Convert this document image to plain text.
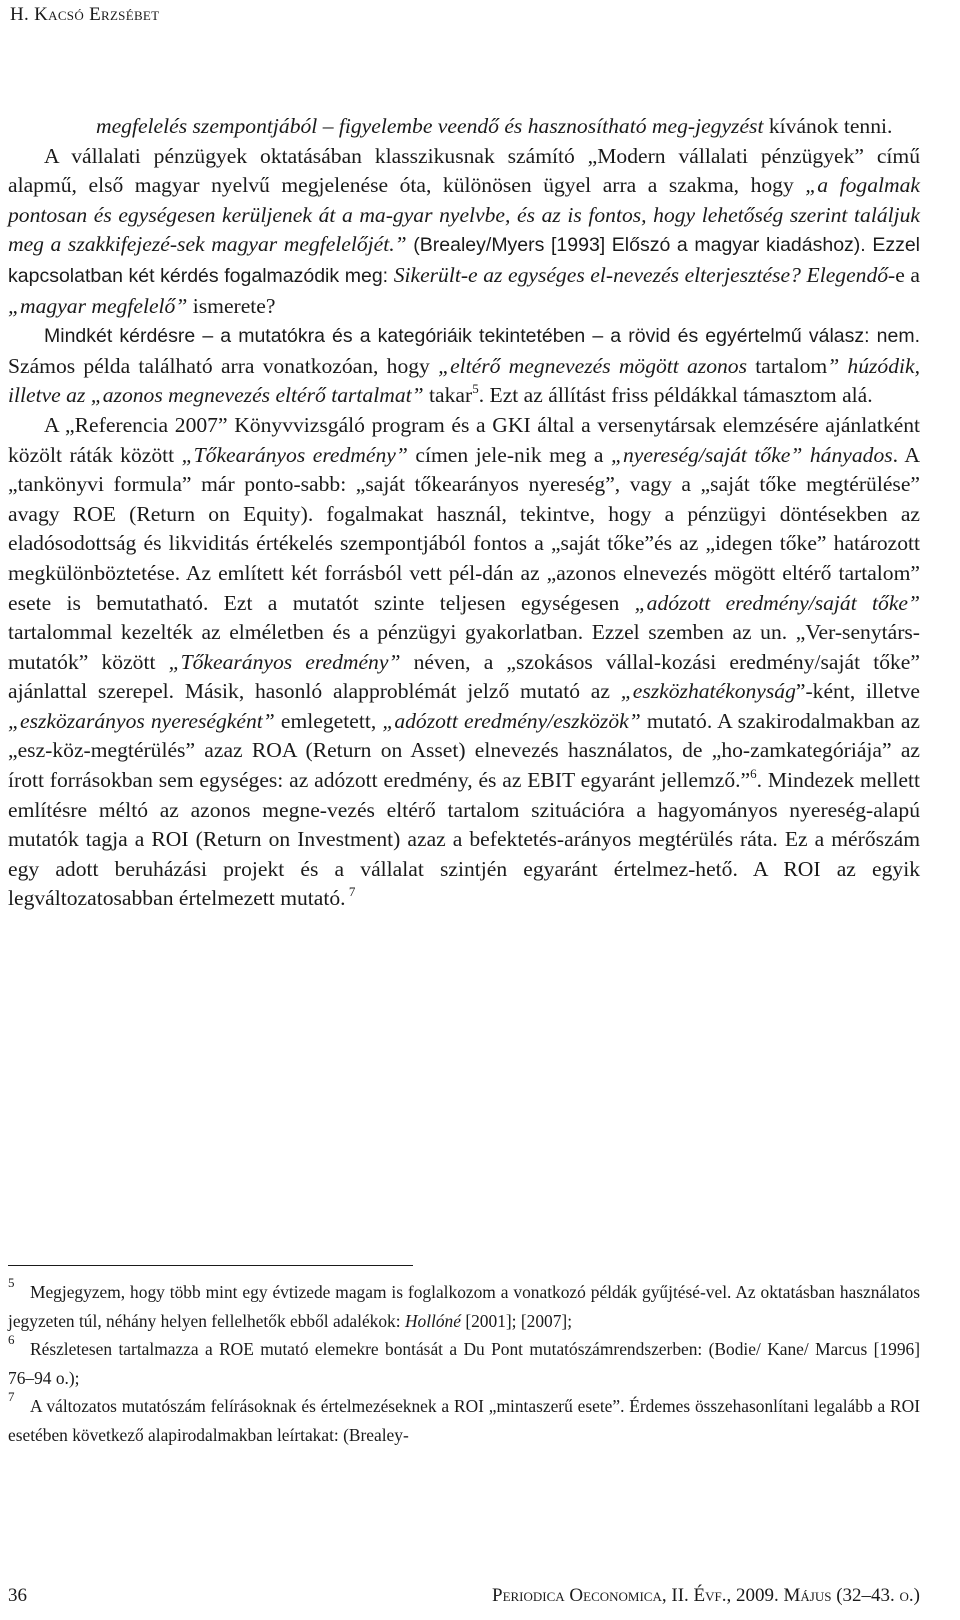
H. Kacsó Erzsébet

megfelelés szempontjából – figyelembe veendő és hasznosítható meg-jegyzést kívánok tenni.

A vállalati pénzügyek oktatásában klasszikusnak számító „Modern vállalati pénzügyek” című alapmű, első magyar nyelvű megjelenése óta, különösen ügyel arra a szakma, hogy „a fogalmak pontosan és egységesen kerüljenek át a ma-gyar nyelvbe, és az is fontos, hogy lehetőség szerint találjuk meg a szakkifejezé-sek magyar megfelelőjét.” (Brealey/Myers [1993] Előszó a magyar kiadáshoz). Ezzel kapcsolatban két kérdés fogalmazódik meg: Sikerült-e az egységes el-nevezés elterjesztése? Elegendő-e a „magyar megfelelő” ismerete?

Mindkét kérdésre – a mutatókra és a kategóriáik tekintetében – a rövid és egyértelmű válasz: nem. Számos példa található arra vonatkozóan, hogy „eltérő megnevezés mögött azonos tartalom” húzódik, illetve az „azonos megnevezés eltérő tartalmat” takar$^5$. Ezt az állítást friss példákkal támasztom alá.

A „Referencia 2007” Könyvvizsgáló program és a GKI által a versenytársak elemzésére ajánlatként közölt ráták között „Tőkearányos eredmény” címen jele-nik meg a „nyereség/saját tőke” hányados. A „tankönyvi formula” már ponto-sabb: „saját tőkearányos nyereség”, vagy a „saját tőke megtérülése” avagy ROE (Return on Equity). fogalmakat használ, tekintve, hogy a pénzügyi döntésekben az eladósodottság és likviditás értékelés szempontjából fontos a „saját tőke”és az „idegen tőke” határozott megkülönböztetése. Az említett két forrásból vett pél-dán az „azonos elnevezés mögött eltérő tartalom” esete is bemutatható. Ezt a mutatót szinte teljesen egységesen „adózott eredmény/saját tőke” tartalommal kezelték az elméletben és a pénzügyi gyakorlatban. Ezzel szemben az un. „Ver-senytárs-mutatók” között „Tőkearányos eredmény” néven, a „szokásos vállal-kozási eredmény/saját tőke” ajánlattal szerepel. Másik, hasonló alapproblémát jelző mutató az „eszközhatékonyság”-ként, illetve „eszközarányos nyereségként” emlegetett, „adózott eredmény/eszközök” mutató. A szakirodalmakban az „esz-köz-megtérülés” azaz ROA (Return on Asset) elnevezés használatos, de „ho-zamkategóriája” az írott forrásokban sem egységes: az adózott eredmény, és az EBIT egyaránt jellemző.”$^6$. Mindezek mellett említésre méltó az azonos megne-vezés eltérő tartalom szituációra a hagyományos nyereség-alapú mutatók tagja a ROI (Return on Investment) azaz a befektetés-arányos megtérülés ráta. Ez a mérőszám egy adott beruházási projekt és a vállalat szintjén egyaránt értelmez-hető. A ROI az egyik legváltozatosabban értelmezett mutató. $^7$

5 Megjegyzem, hogy több mint egy évtizede magam is foglalkozom a vonatkozó példák gyűjtésé-vel. Az oktatásban használatos jegyzeten túl, néhány helyen fellelhetők ebből adalékok: Hollóné [2001]; [2007];
6 Részletesen tartalmazza a ROE mutató elemekre bontását a Du Pont mutatószámrendszerben: (Bodie/ Kane/ Marcus [1996] 76–94 o.);
7 A változatos mutatószám felírásoknak és értelmezéseknek a ROI „mintaszerű esete”. Érdemes összehasonlítani legalább a ROI esetében következő alapirodalmakban leírtakat: (Brealey-
36	Periodica Oeconomica, II. Évf., 2009. Május (32–43. o.)
